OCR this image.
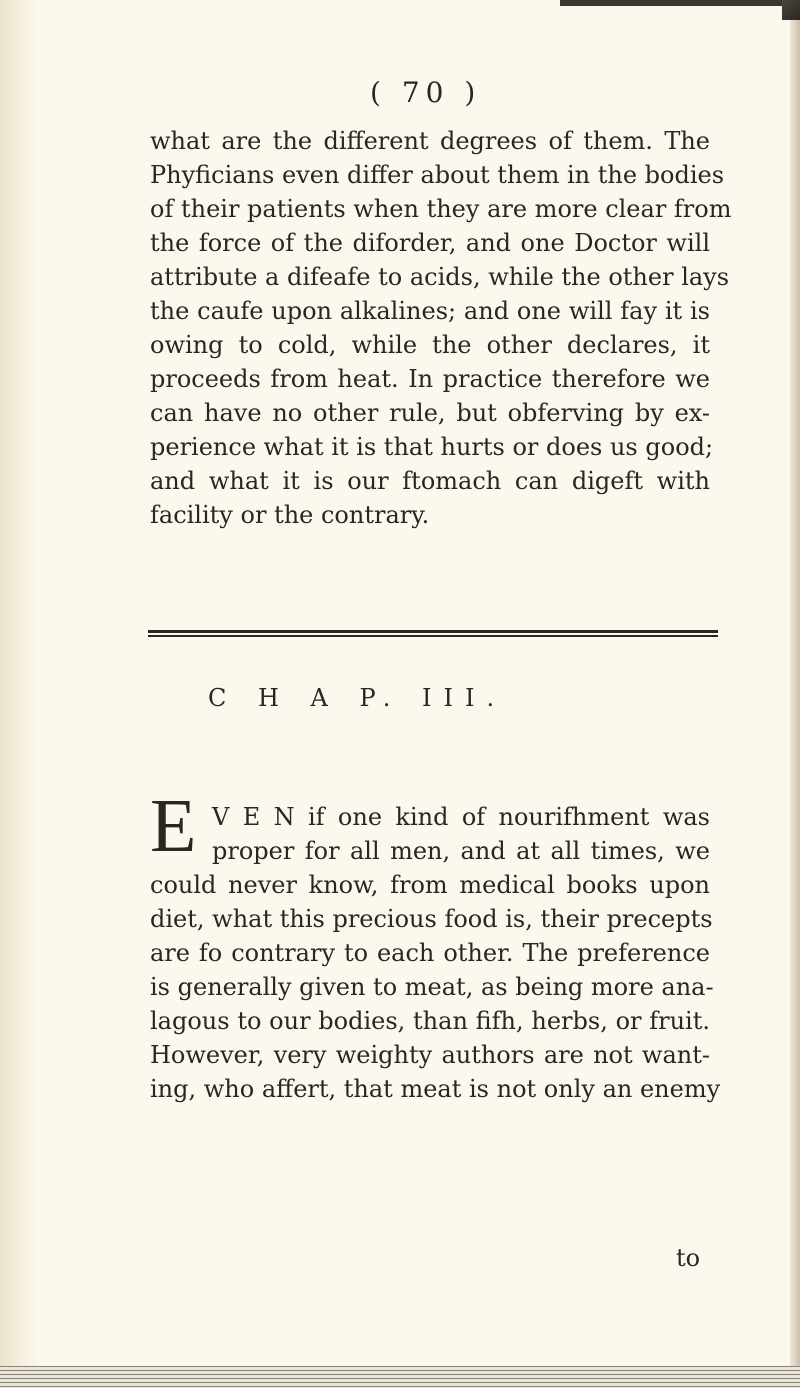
( 70 )
what are the different degrees of them. The
Phyficians even differ about them in the bodies
of their patients when they are more clear from
the force of the diforder, and one Doctor will
attribute a difeafe to acids, while the other lays
the caufe upon alkalines; and one will fay it is
owing to cold, while the other declares, it
proceeds from heat. In practice therefore we
can have no other rule, but obferving by ex-
perience what it is that hurts or does us good;
and what it is our ftomach can digeft with
facility or the contrary.
C H A P. III.
E V E N if one kind of nourifhment was
proper for all men, and at all times, we
could never know, from medical books upon
diet, what this precious food is, their precepts
are fo contrary to each other. The preference
is generally given to meat, as being more ana-
lagous to our bodies, than fifh, herbs, or fruit.
However, very weighty authors are not want-
ing, who affert, that meat is not only an enemy
to
